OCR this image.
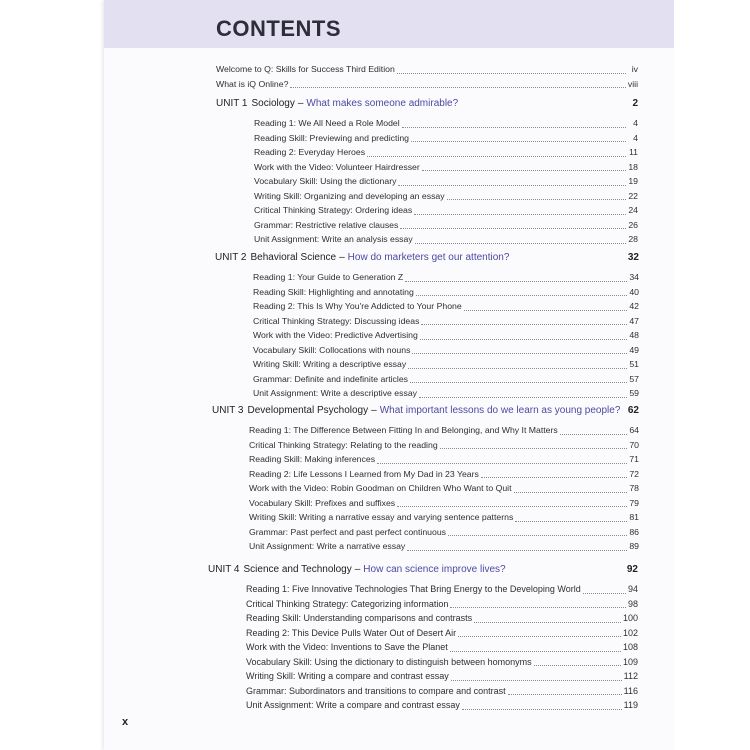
CONTENTS
Welcome to Q: Skills for Success Third Edition	iv
What is iQ Online?	viii
UNIT 1 Sociology – What makes someone admirable?	2
Reading 1: We All Need a Role Model	4
Reading Skill: Previewing and predicting	4
Reading 2: Everyday Heroes	11
Work with the Video: Volunteer Hairdresser	18
Vocabulary Skill: Using the dictionary	19
Writing Skill: Organizing and developing an essay	22
Critical Thinking Strategy: Ordering ideas	24
Grammar: Restrictive relative clauses	26
Unit Assignment: Write an analysis essay	28
UNIT 2 Behavioral Science – How do marketers get our attention?	32
Reading 1: Your Guide to Generation Z	34
Reading Skill: Highlighting and annotating	40
Reading 2: This Is Why You're Addicted to Your Phone	42
Critical Thinking Strategy: Discussing ideas	47
Work with the Video: Predictive Advertising	48
Vocabulary Skill: Collocations with nouns	49
Writing Skill: Writing a descriptive essay	51
Grammar: Definite and indefinite articles	57
Unit Assignment: Write a descriptive essay	59
UNIT 3 Developmental Psychology – What important lessons do we learn as young people? 62
Reading 1: The Difference Between Fitting In and Belonging, and Why It Matters	64
Critical Thinking Strategy: Relating to the reading	70
Reading Skill: Making inferences	71
Reading 2: Life Lessons I Learned from My Dad in 23 Years	72
Work with the Video: Robin Goodman on Children Who Want to Quit	78
Vocabulary Skill: Prefixes and suffixes	79
Writing Skill: Writing a narrative essay and varying sentence patterns	81
Grammar: Past perfect and past perfect continuous	86
Unit Assignment: Write a narrative essay	89
UNIT 4 Science and Technology – How can science improve lives?	92
Reading 1: Five Innovative Technologies That Bring Energy to the Developing World	94
Critical Thinking Strategy: Categorizing information	98
Reading Skill: Understanding comparisons and contrasts	100
Reading 2: This Device Pulls Water Out of Desert Air	102
Work with the Video: Inventions to Save the Planet	108
Vocabulary Skill: Using the dictionary to distinguish between homonyms	109
Writing Skill: Writing a compare and contrast essay	112
Grammar: Subordinators and transitions to compare and contrast	116
Unit Assignment: Write a compare and contrast essay	119
x
